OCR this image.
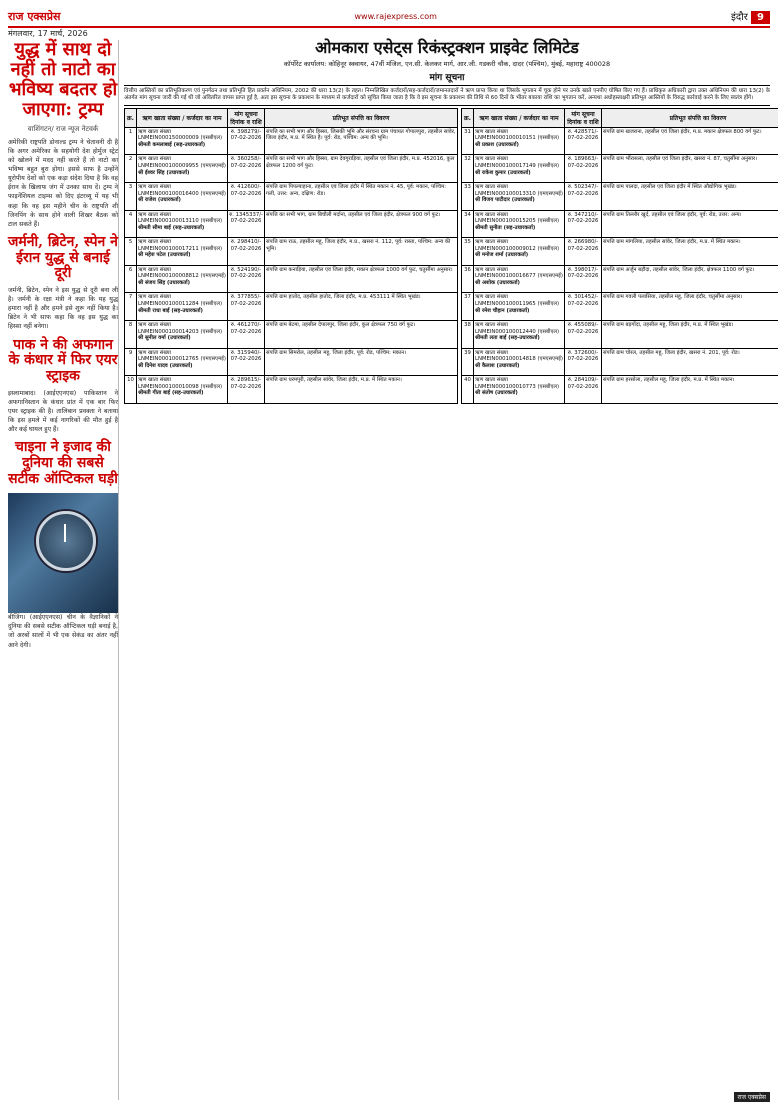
राज एक्सप्रेस	www.rajexpress.com	इंदौर 9
मंगलवार, 17 मार्च, 2026
युद्ध में साथ दो नहीं तो नाटो का भविष्य बदतर हो जाएगा: ट्रम्प
वाशिंगटन/ राज न्यूज नेटवर्क
अमेरिकी राष्ट्रपति डोनाल्ड ट्रम्प ने चेतावनी दी है कि अगर अमेरिका के सहयोगी देश होर्मुज स्ट्रेट को खोलने में मदद नहीं करते हैं तो नाटो का भविष्य बहुत बुरा होगा। इससे साफ है उन्होंने यूरोपीय देशों को एक कड़ा संदेश दिया है कि वह ईरान के खिलाफ जंग में उनका साथ दें। ट्रम्प ने फाइनेंशियल टाइम्स को दिए इंटरव्यू में यह भी कहा कि वह इस महीने चीन के राष्ट्रपति शी जिनपिंग के साथ होने वाली शिखर बैठक को टाल सकते हैं।
जर्मनी, ब्रिटेन, स्पेन ने ईरान युद्ध से बनाई दूरी
जर्मनी, ब्रिटेन, स्पेन ने इस युद्ध से दूरी बना ली है। जर्मनी के रक्षा मंत्री ने कहा कि यह युद्ध हमारा नहीं है और हमने इसे शुरू नहीं किया है। ब्रिटेन ने भी साफ कहा कि वह इस युद्ध का हिस्सा नहीं बनेगा।
पाक ने की अफगान के कंधार में फिर एयर स्ट्राइक
इस्लामाबाद। (आईएएनएस) पाकिस्तान ने अफगानिस्तान के कंधार प्रांत में एक बार फिर एयर स्ट्राइक की है। तालिबान प्रवक्ता ने बताया कि इस हमले में कई नागरिकों की मौत हुई है और कई घायल हुए हैं।
चाइना ने इजाद की दुनिया की सबसे सटीक ऑप्टिकल घड़ी
बीजिंग। (आईएएनएस) चीन के वैज्ञानिकों ने दुनिया की सबसे सटीक ऑप्टिकल घड़ी बनाई है, जो अरबों सालों में भी एक सेकंड का अंतर नहीं आने देगी।
ओमकारा एसेट्स रिकंस्ट्रक्शन प्राइवेट लिमिटेड
कॉर्पोरेट कार्यालय: कोहिनूर स्क्वायर, 47वीं मंजिल, एन.सी. केलकर मार्ग, आर.जी. गडकरी चौक, दादर (पश्चिम), मुंबई, महाराष्ट्र 400028
मांग सूचना
वित्तीय आस्तियों का प्रतिभूतिकरण एवं पुनर्गठन तथा प्रतिभूति हित प्रवर्तन अधिनियम, 2002 की धारा 13(2) के तहत। निम्नलिखित कर्जदारों/सह-कर्जदारों/जमानतदारों ने ऋण प्राप्त किया था जिसके भुगतान में चूक होने पर उनके खाते एनपीए घोषित किए गए हैं। प्राधिकृत अधिकारी द्वारा उक्त अधिनियम की धारा 13(2) के अंतर्गत मांग सूचना जारी की गई थी जो अवितरित वापस प्राप्त हुई है, अतः इस सूचना के प्रकाशन के माध्यम से कर्जदारों को सूचित किया जाता है कि वे इस सूचना के प्रकाशन की तिथि से 60 दिनों के भीतर बकाया राशि का भुगतान करें, अन्यथा अधोहस्ताक्षरी प्रतिभूत आस्तियों के विरुद्ध कार्रवाई करने के लिए स्वतंत्र होंगे।
क्र.	ऋण खाता संख्या / कर्जदार का नाम	मांग सूचना दिनांक व राशि	प्रतिभूत संपत्ति का विवरण
1	ऋण खाता संख्या LNMEIN000150000009 (एसबीएल)
श्रीमती कमलाबाई (सह-उधारकर्ता)	रु. 398279/- 07-02-2026	संपत्ति का सभी भाग और हिस्सा, जिसकी भूमि और संरचना ग्राम पंचायत गोपालपुरा, तहसील सांवेर, जिला इंदौर, म.प्र. में स्थित है। पूर्व: रोड, पश्चिम: अन्य की भूमि।
2	ऋण खाता संख्या LNMEIN000100009955 (एमएसएमई)
श्री ईश्वर सिंह (उधारकर्ता)	रु. 360258/- 07-02-2026	संपत्ति का सभी भाग और हिस्सा, ग्राम देवगुराड़िया, तहसील एवं जिला इंदौर, म.प्र. 452016, कुल क्षेत्रफल 1200 वर्ग फुट।
3	ऋण खाता संख्या LNMEIN000100016400 (एमएसएमई)
श्री राजेश (उधारकर्ता)	रु. 412600/- 07-02-2026	संपत्ति ग्राम पिपल्याहाना, तहसील एवं जिला इंदौर में स्थित मकान नं. 45, पूर्व: मकान, पश्चिम: गली, उत्तर: अन्य, दक्षिण: रोड।
4	ऋण खाता संख्या LNMEIN000100013110 (एसबीएल)
श्रीमती सीमा बाई (सह-उधारकर्ता)	रु. 1345337/- 07-02-2026	संपत्ति का सभी भाग, ग्राम बिचौली मर्दाना, तहसील एवं जिला इंदौर, क्षेत्रफल 900 वर्ग फुट।
5	ऋण खाता संख्या LNMEIN000100017211 (एसबीएल)
श्री महेश पटेल (उधारकर्ता)	रु. 298410/- 07-02-2026	संपत्ति ग्राम राऊ, तहसील महू, जिला इंदौर, म.प्र., खसरा नं. 112, पूर्व: रास्ता, पश्चिम: अन्य की भूमि।
6	ऋण खाता संख्या LNMEIN000100008812 (एमएसएमई)
श्री संजय सिंह (उधारकर्ता)	रु. 524190/- 07-02-2026	संपत्ति ग्राम कनाड़िया, तहसील एवं जिला इंदौर, मकान क्षेत्रफल 1000 वर्ग फुट, चतुर्सीमा अनुसार।
7	ऋण खाता संख्या LNMEIN000100011284 (एसबीएल)
श्रीमती राधा बाई (सह-उधारकर्ता)	रु. 377855/- 07-02-2026	संपत्ति ग्राम हातोद, तहसील हातोद, जिला इंदौर, म.प्र. 453111 में स्थित भूखंड।
8	ऋण खाता संख्या LNMEIN000100014203 (एसबीएल)
श्री सुनील वर्मा (उधारकर्ता)	रु. 461270/- 07-02-2026	संपत्ति ग्राम बेटमा, तहसील देपालपुर, जिला इंदौर, कुल क्षेत्रफल 750 वर्ग फुट।
9	ऋण खाता संख्या LNMEIN000100012765 (एमएसएमई)
श्री दिनेश यादव (उधारकर्ता)	रु. 315940/- 07-02-2026	संपत्ति ग्राम सिमरोल, तहसील महू, जिला इंदौर, पूर्व: रोड, पश्चिम: मकान।
10	ऋण खाता संख्या LNMEIN000100010098 (एसबीएल)
श्रीमती गीता बाई (सह-उधारकर्ता)	रु. 289615/- 07-02-2026	संपत्ति ग्राम धरमपुरी, तहसील सांवेर, जिला इंदौर, म.प्र. में स्थित मकान।
क्र.	ऋण खाता संख्या / कर्जदार का नाम	मांग सूचना दिनांक व राशि	प्रतिभूत संपत्ति का विवरण
31	ऋण खाता संख्या LNMEIN000100010151 (एसबीएल)
श्री प्रकाश (उधारकर्ता)	रु. 428571/- 07-02-2026	संपत्ति ग्राम खजराना, तहसील एवं जिला इंदौर, म.प्र. मकान क्षेत्रफल 800 वर्ग फुट।
32	ऋण खाता संख्या LNMEIN000100017149 (एसबीएल)
श्री राकेश कुमार (उधारकर्ता)	रु. 189663/- 07-02-2026	संपत्ति ग्राम भौंरासला, तहसील एवं जिला इंदौर, खसरा नं. 87, चतुर्सीमा अनुसार।
33	ऋण खाता संख्या LNMEIN000100013310 (एमएसएमई)
श्री विजय पाटीदार (उधारकर्ता)	रु. 502347/- 07-02-2026	संपत्ति ग्राम पालदा, तहसील एवं जिला इंदौर में स्थित औद्योगिक भूखंड।
34	ऋण खाता संख्या LNMEIN000100015205 (एसबीएल)
श्रीमती सुनीता (सह-उधारकर्ता)	रु. 347210/- 07-02-2026	संपत्ति ग्राम तिल्लौर खुर्द, तहसील एवं जिला इंदौर, पूर्व: रोड, उत्तर: अन्य।
35	ऋण खाता संख्या LNMEIN000100009012 (एसबीएल)
श्री मनोज शर्मा (उधारकर्ता)	रु. 266980/- 07-02-2026	संपत्ति ग्राम मांगलिया, तहसील सांवेर, जिला इंदौर, म.प्र. में स्थित मकान।
36	ऋण खाता संख्या LNMEIN000100016677 (एमएसएमई)
श्री अशोक (उधारकर्ता)	रु. 398017/- 07-02-2026	संपत्ति ग्राम अर्जुन बड़ौदा, तहसील सांवेर, जिला इंदौर, क्षेत्रफल 1100 वर्ग फुट।
37	ऋण खाता संख्या LNMEIN000100011965 (एसबीएल)
श्री रमेश चौहान (उधारकर्ता)	रु. 301452/- 07-02-2026	संपत्ति ग्राम गवली पलासिया, तहसील महू, जिला इंदौर, चतुर्सीमा अनुसार।
38	ऋण खाता संख्या LNMEIN000100012440 (एसबीएल)
श्रीमती लता बाई (सह-उधारकर्ता)	रु. 455089/- 07-02-2026	संपत्ति ग्राम बड़गोंदा, तहसील महू, जिला इंदौर, म.प्र. में स्थित भूखंड।
39	ऋण खाता संख्या LNMEIN000100014818 (एमएसएमई)
श्री कैलाश (उधारकर्ता)	रु. 372600/- 07-02-2026	संपत्ति ग्राम चोरल, तहसील महू, जिला इंदौर, खसरा नं. 201, पूर्व: रोड।
40	ऋण खाता संख्या LNMEIN000100010773 (एसबीएल)
श्री संतोष (उधारकर्ता)	रु. 284109/- 07-02-2026	संपत्ति ग्राम हरसोला, तहसील महू, जिला इंदौर, म.प्र. में स्थित मकान।
राज एक्सप्रेस
